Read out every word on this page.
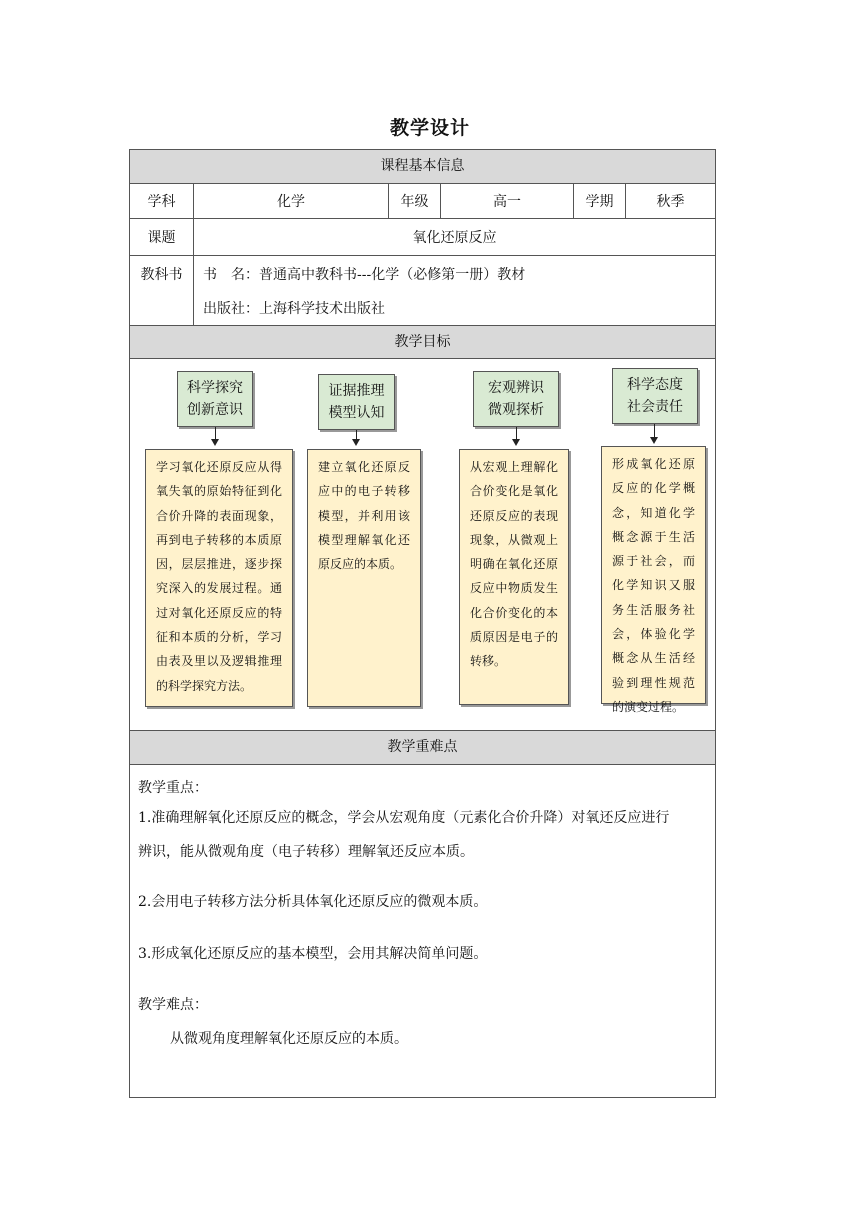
教学设计
课程基本信息
学科	化学	年级	高一	学期	秋季
课题	氧化还原反应
教科书 书　名：普通高中教科书---化学（必修第一册）教材
出版社：上海科学技术出版社
教学目标
科学探究
创新意识
学习氧化还原反应从得氧失氧的原始特征到化合价升降的表面现象，再到电子转移的本质原因，层层推进，逐步探究深入的发展过程。通过对氧化还原反应的特征和本质的分析，学习由表及里以及逻辑推理的科学探究方法。
证据推理
模型认知
建立氧化还原反应中的电子转移模型，并利用该模型理解氧化还原反应的本质。
宏观辨识
微观探析
从宏观上理解化合价变化是氧化还原反应的表现现象，从微观上明确在氧化还原反应中物质发生化合价变化的本质原因是电子的转移。
科学态度
社会责任
形成氧化还原反应的化学概念，知道化学概念源于生活源于社会，而化学知识又服务生活服务社会，体验化学概念从生活经验到理性规范的演变过程。
教学重难点
教学重点：
1.准确理解氧化还原反应的概念，学会从宏观角度（元素化合价升降）对氧还反应进行
辨识，能从微观角度（电子转移）理解氧还反应本质。
2.会用电子转移方法分析具体氧化还原反应的微观本质。
3.形成氧化还原反应的基本模型，会用其解决简单问题。
教学难点：
从微观角度理解氧化还原反应的本质。
